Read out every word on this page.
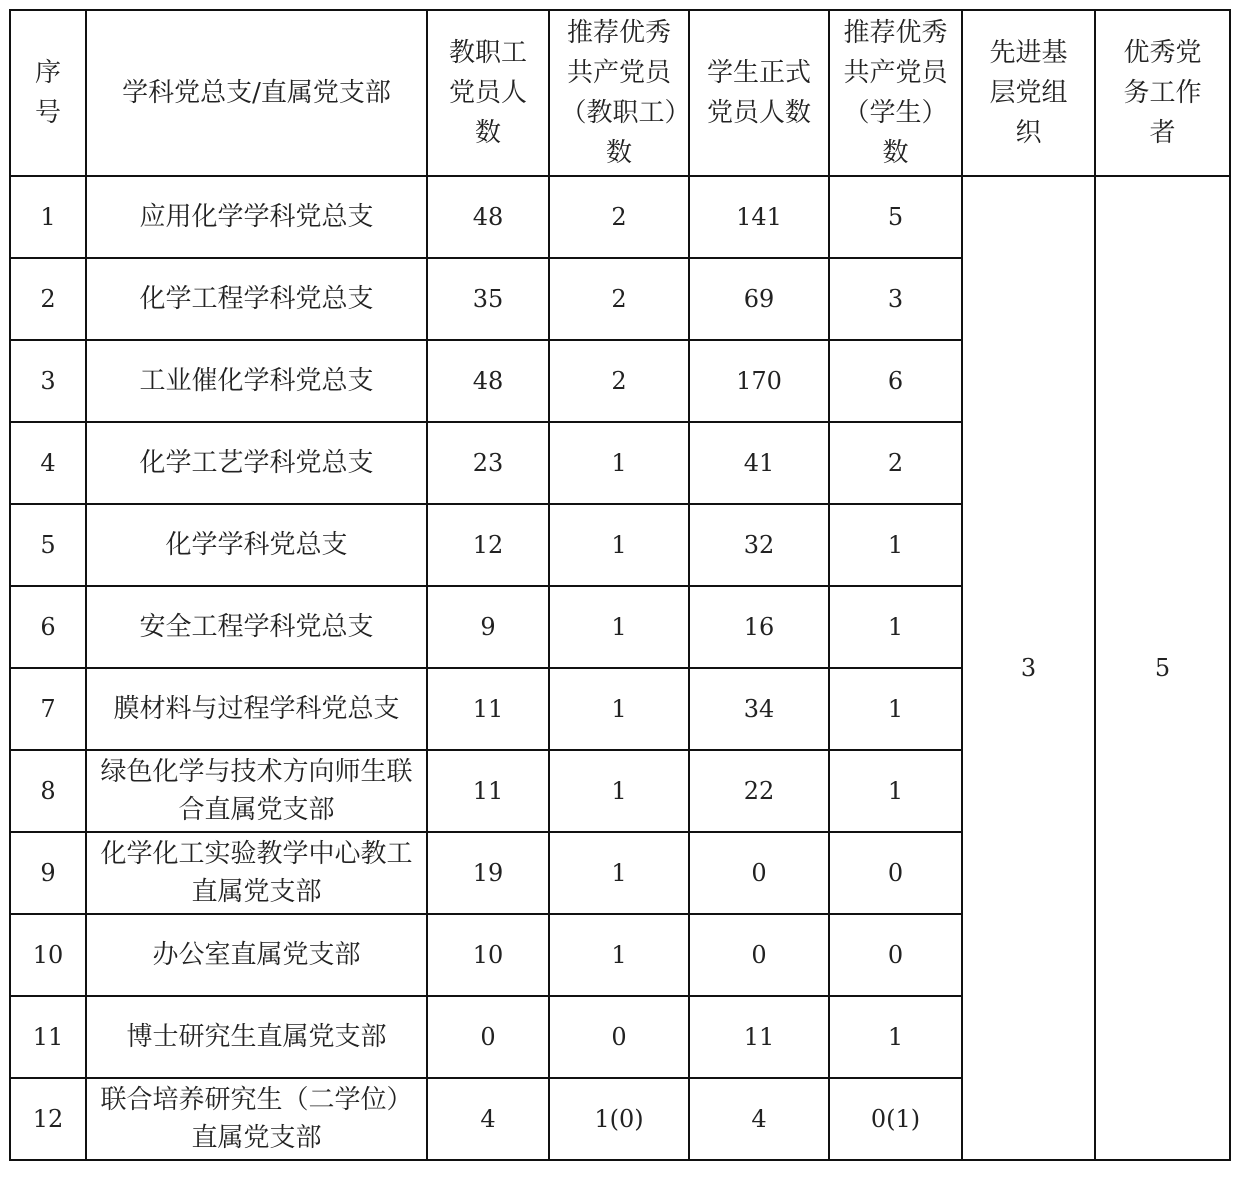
序号	学科党总支/直属党支部	教职工党员人数	推荐优秀共产党员（教职工）数	学生正式党员人数	推荐优秀共产党员（学生）数	先进基层党组织	优秀党务工作者
1	应用化学学科党总支	48	2	141	5	3	5
2	化学工程学科党总支	35	2	69	3		
3	工业催化学科党总支	48	2	170	6		
4	化学工艺学科党总支	23	1	41	2		
5	化学学科党总支	12	1	32	1		
6	安全工程学科党总支	9	1	16	1		
7	膜材料与过程学科党总支	11	1	34	1		
8	绿色化学与技术方向师生联合直属党支部	11	1	22	1		
9	化学化工实验教学中心教工直属党支部	19	1	0	0		
10	办公室直属党支部	10	1	0	0		
11	博士研究生直属党支部	0	0	11	1		
12	联合培养研究生（二学位）直属党支部	4	1(0)	4	0(1)		
